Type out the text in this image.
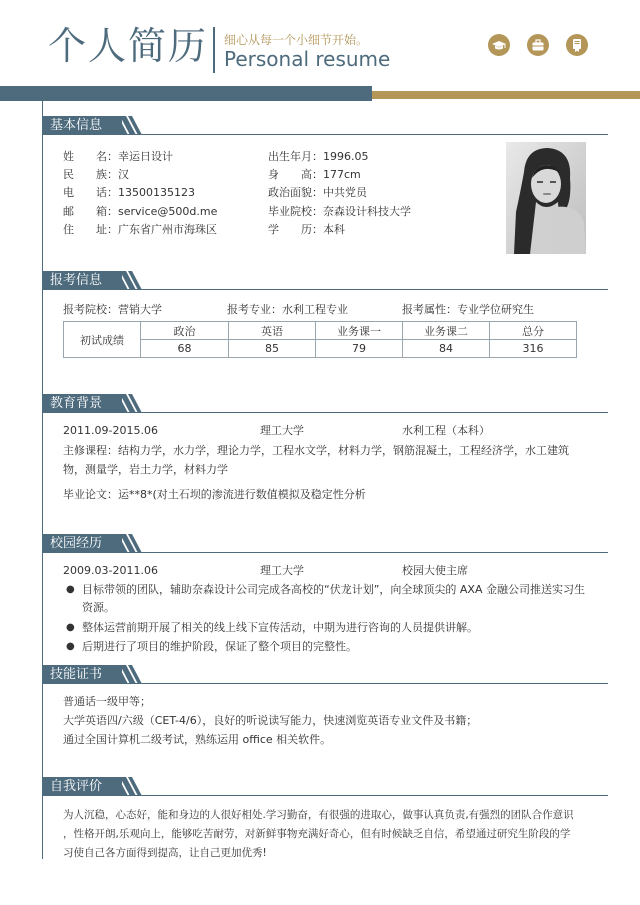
个人简历 细心从每一个小细节开始。
Personal resume
基本信息
姓　　名：幸运日设计
民　　族：汉
电　　话：13500135123
邮　　箱：service@500d.me
住　　址：广东省广州市海珠区
出生年月：1996.05
身　　高：177cm
政治面貌：中共党员
毕业院校：奈森设计科技大学
学　　历：本科
报考信息
报考院校：营销大学	报考专业：水利工程专业	报考属性：专业学位研究生
初试成绩	政治	英语	业务课一	业务课二	总分
	68	85	79	84	316
教育背景
2011.09-2015.06	理工大学	水利工程（本科）
主修课程：结构力学，水力学，理论力学，工程水文学，材料力学，钢筋混凝土，工程经济学，水工建筑
物，测量学，岩土力学，材料力学
毕业论文：运**8*(对土石坝的渗流进行数值模拟及稳定性分析
校园经历
2009.03-2011.06	理工大学	校园大使主席
● 目标带领的团队，辅助奈森设计公司完成各高校的“伏龙计划”，向全球顶尖的 AXA 金融公司推送实习生
资源。
● 整体运营前期开展了相关的线上线下宣传活动，中期为进行咨询的人员提供讲解。
● 后期进行了项目的维护阶段，保证了整个项目的完整性。
技能证书
普通话一级甲等；
大学英语四/六级（CET-4/6），良好的听说读写能力，快速浏览英语专业文件及书籍；
通过全国计算机二级考试，熟练运用 office 相关软件。
自我评价
为人沉稳，心态好，能和身边的人很好相处.学习勤奋，有很强的进取心，做事认真负责,有强烈的团队合作意识
，性格开朗,乐观向上，能够吃苦耐劳，对新鲜事物充满好奇心，但有时候缺乏自信，希望通过研究生阶段的学
习使自己各方面得到提高，让自己更加优秀!
